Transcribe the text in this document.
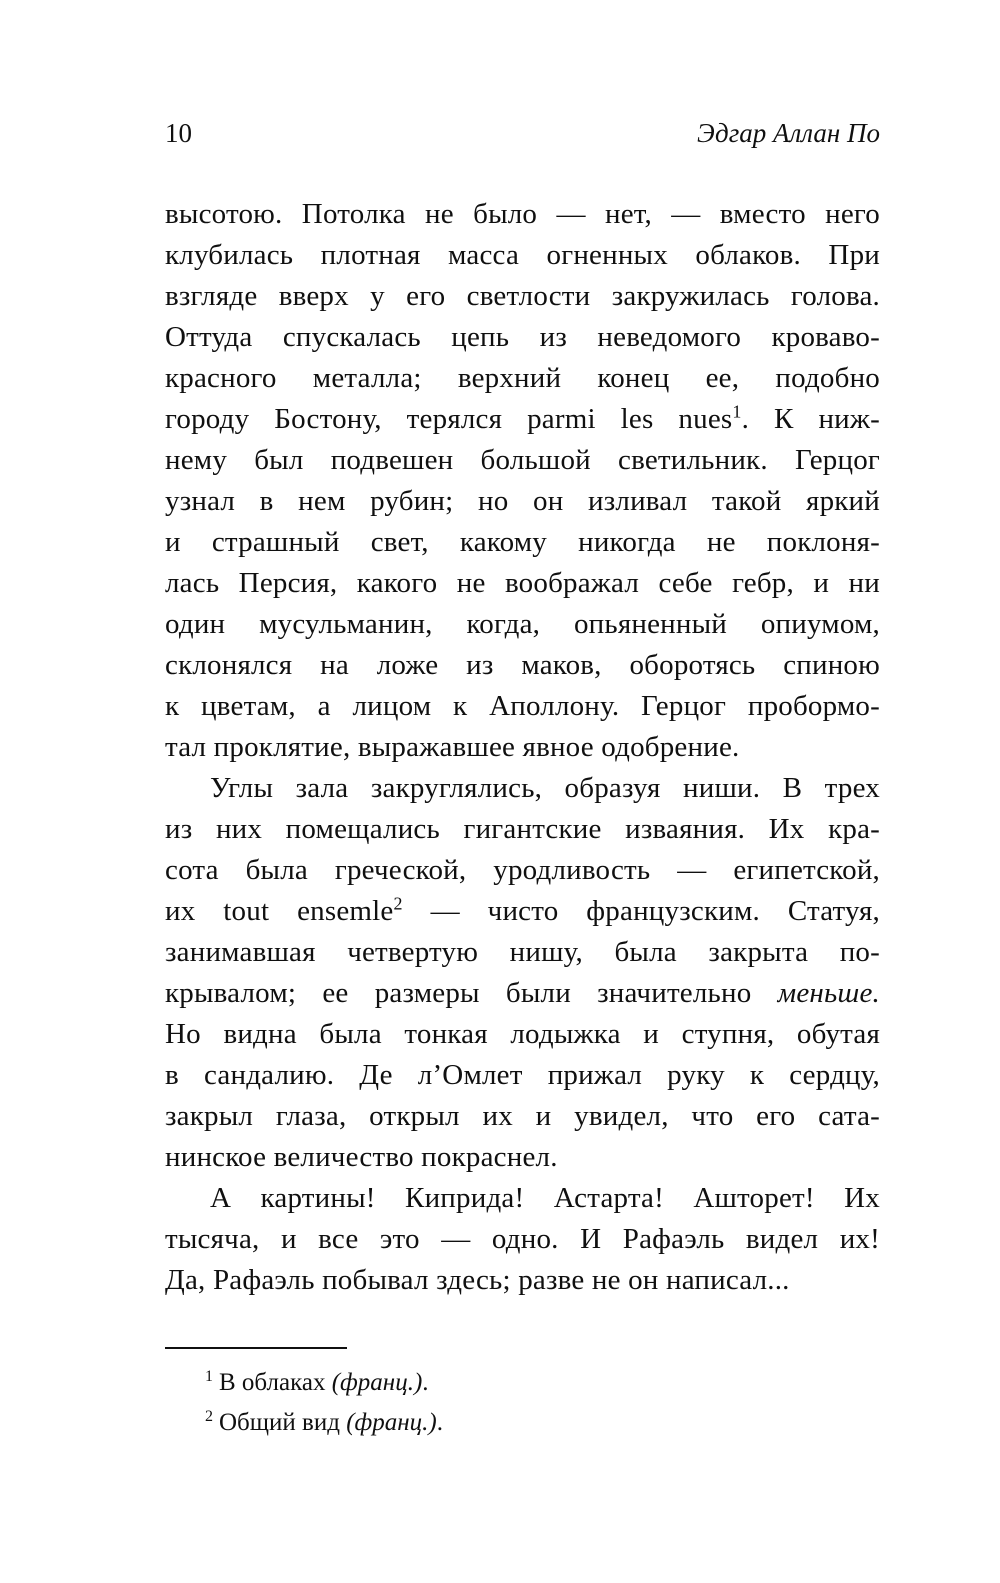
10	Эдгар Аллан По
высотою. Потолка не было — нет, — вместо него
клубилась плотная масса огненных облаков. При
взгляде вверх у его светлости закружилась голова.
Оттуда спускалась цепь из неведомого кроваво-
красного металла; верхний конец ее, подобно
городу Бостону, терялся parmi les nues$^1$. К ниж-
нему был подвешен большой светильник. Герцог
узнал в нем рубин; но он изливал такой яркий
и страшный свет, какому никогда не поклоня-
лась Персия, какого не воображал себе гебр, и ни
один мусульманин, когда, опьяненный опиумом,
склонялся на ложе из маков, оборотясь спиною
к цветам, а лицом к Аполлону. Герцог пробормо-
тал проклятие, выражавшее явное одобрение.
Углы зала закруглялись, образуя ниши. В трех
из них помещались гигантские изваяния. Их кра-
сота была греческой, уродливость — египетской,
их tout ensemle$^2$ — чисто французским. Статуя,
занимавшая четвертую нишу, была закрыта по-
крывалом; ее размеры были значительно меньше.
Но видна была тонкая лодыжка и ступня, обутая
в сандалию. Де л’Омлет прижал руку к сердцу,
закрыл глаза, открыл их и увидел, что его сата-
нинское величество покраснел.
А картины! Киприда! Астарта! Ашторет! Их
тысяча, и все это — одно. И Рафаэль видел их!
Да, Рафаэль побывал здесь; разве не он написал...
$^1$ В облаках (франц.).
$^2$ Общий вид (франц.).
